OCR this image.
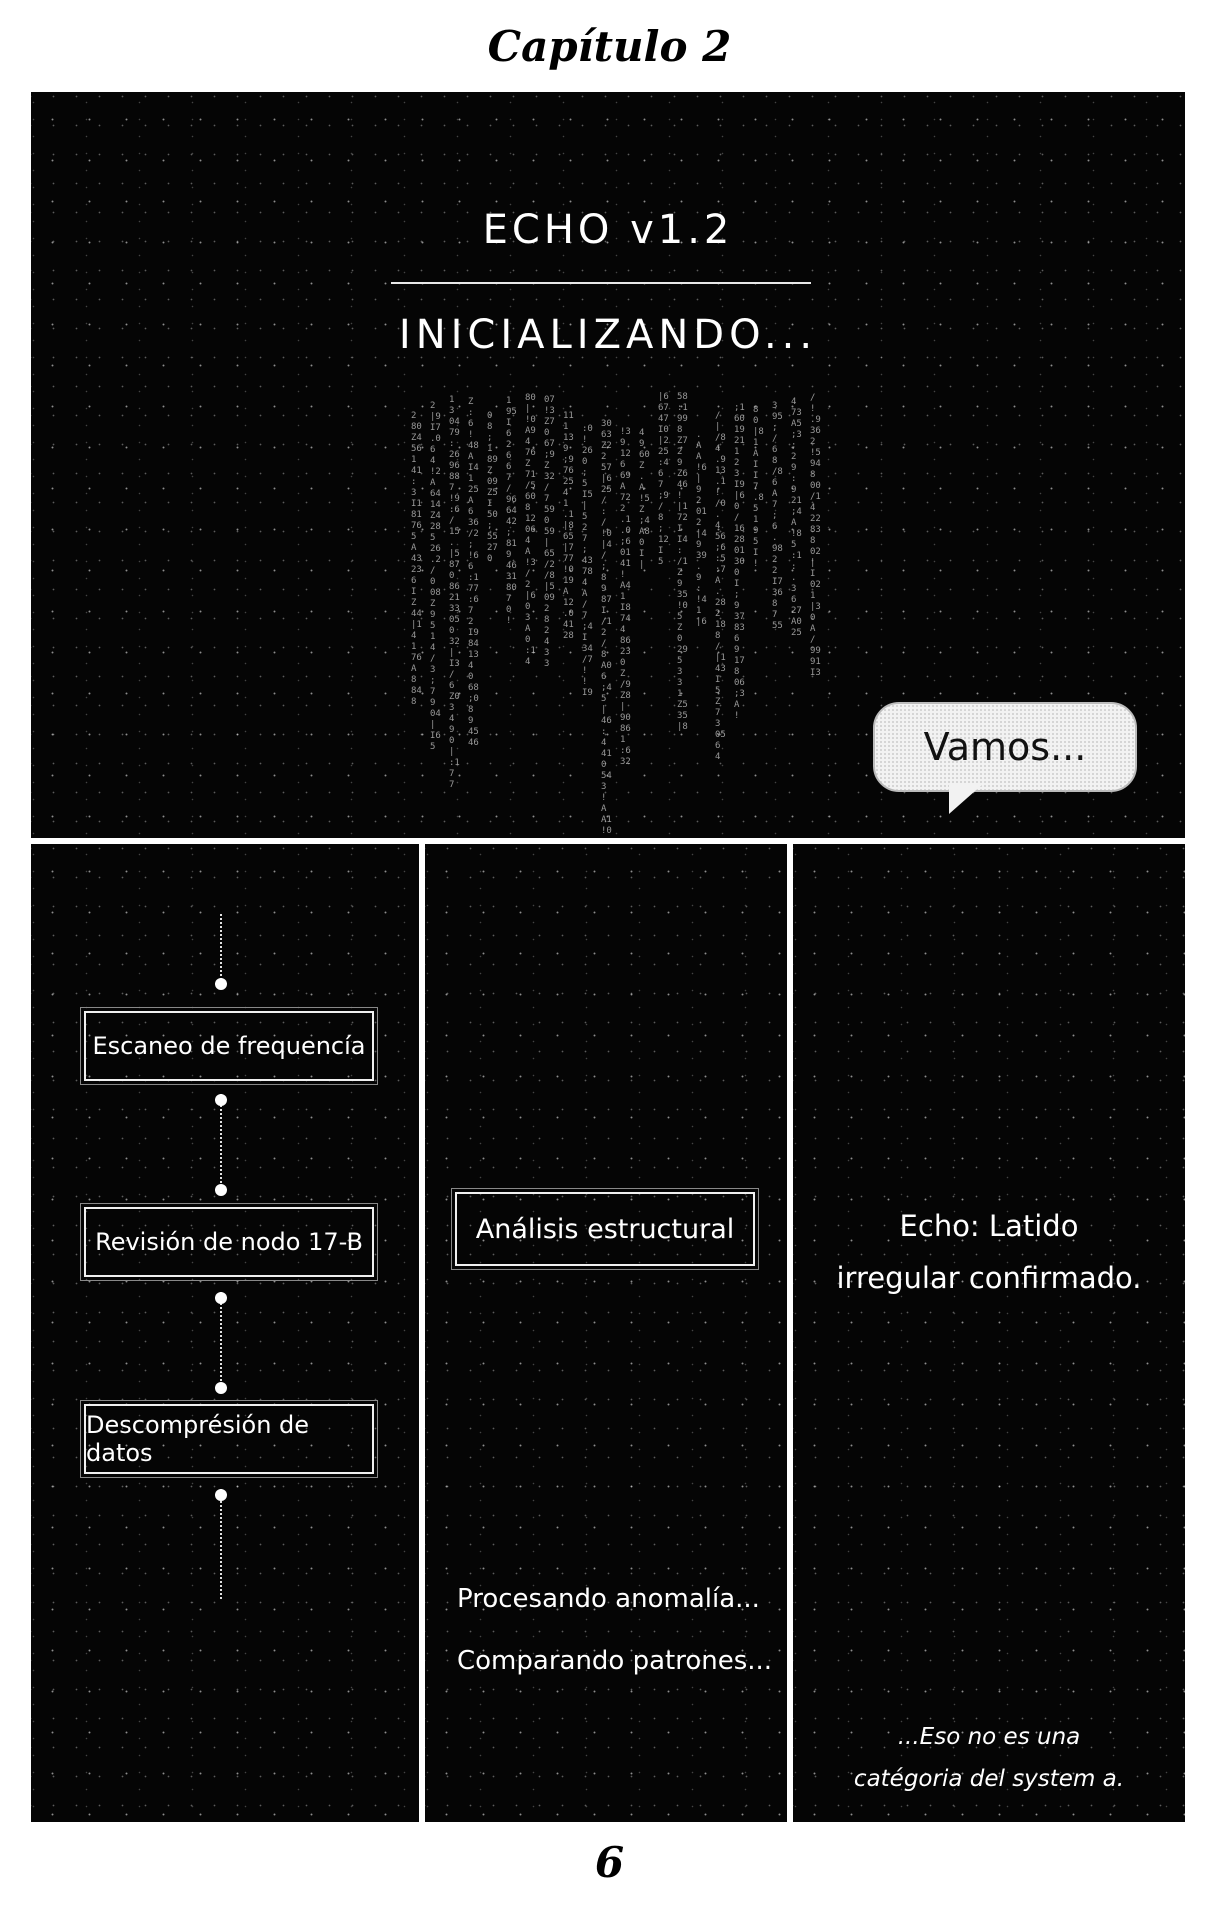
Capítulo 2
ECHO v1.2
INICIALIZANDO...
2
80
Z4
56
1
41
:
3
I1
81
76
5
A
43
23
6
I
Z
44
|1
4
1
76
A
8
84
8

2
|9
I7
.0
6
4
!2
A
64
14
Z4
28
5
26
.2
/
0
08
Z
9
5
1
4
/
3
;
7
9
04
|
I6
5

1
3
04
79
:
26
96
88
7
!9
:6
/
15
.
|5
87
0
86
21
33
05
0
32
|
I3
/
6
Z0
3
4
9
0
|
:1
7
7

Z
:
6
!
48
A
I4
1
25
A
6
36
/2
;
!6
6
:1
77
:6
7
2
I9
84
13
4
0
68
;0
8
9
45
46

0
8
;
1
89
Z
09
Z5
I
50
;
55
27
0

1
95
I
6
2
6
6
7
/
96
64
42
;
81
9
46
31
80
7
0
!

80
|
!0
A9
4
76
Z
71
/5
60
8
12
06
4
A
!3
/
2
|6
0
3
A
0
:1
4

07
!3
Z7
0
67
;9
Z
32
/
7
59
0
59
|
65
/2
/8
|5
09
2
8
2
4
3
3

11
1
13
9
;9
76
25
4
1
.1
|8
65
|7
77
!0
19
A
12
.0
41
28

:0
!
26
0
;
5
I5
|
5
2
7
;
43
78
4
A
/
7
;4
I
34
/7
!
!
I9

30
63
Z2
2
57
|6
25
/
:
/
!0
|4
/
;
8
9
87
I
/1
2
/
8
A0
6
;4
5
|
46
:
4
41
0
54
3
!
A
A1
!0

!3
9
12
6
69
A
72
2
.1
.0
;6
01
41
!
A4
1
I8
74
4
86
23
0
Z
/9
Z8
|
90
86
1
:6
32

4
9
60
Z
.
A
!5
Z
;4
A8
0
I
|

|6
67
47
I0
|2
25
:4
6
7
;9
/
8
;
12
I
5

58
:1
99
8
Z7
2
9
Z6
46
!
|1
72
I
I4
:
/1
Z
9
35
!0
5
Z
0
29
5
3
3
1
Z5
35
|8

.
A
A
!6
|
9
2
01
2
|4
9
39
.
9
:
!4
1
|6

/
|
/8
4
.9
13
.1
!
/0
.
4
56
;6
:5
:7
A
.
28
2
18
8
/
|1
43
I
5
Z
7
3
05
6
4

;1
60
19
21
1
2
3
I9
|6
0
/
16
28
01
30
0
I
;
9
37
83
6
9
17
8
06
;3
A
!

8
0
|8
1
A
I
I
7
.8
5
1
9
5
I
!

3
95
;
/
6
8
/8
6
A
7
;
6
.
98
2
2
I7
36
8
7
55

4
73
A5
;3
;
2
9
:
9
21
;4
A
!8
5
:1
:
.
3
6
27
A0
25

/
!
.9
36
2
!5
94
8
00
/1
4
22
83
8
02
|
I
02
1
|3
0
A
/
99
91
I3

Vamos...
Escaneo de frequencía
Revisión de nodo 17-B
Descomprésión de datos
Análisis estructural
Procesando anomalía...
Comparando patrones...
Echo: Latido
irregular confirmado.
...Eso no es una
catégoria del system a.
6
